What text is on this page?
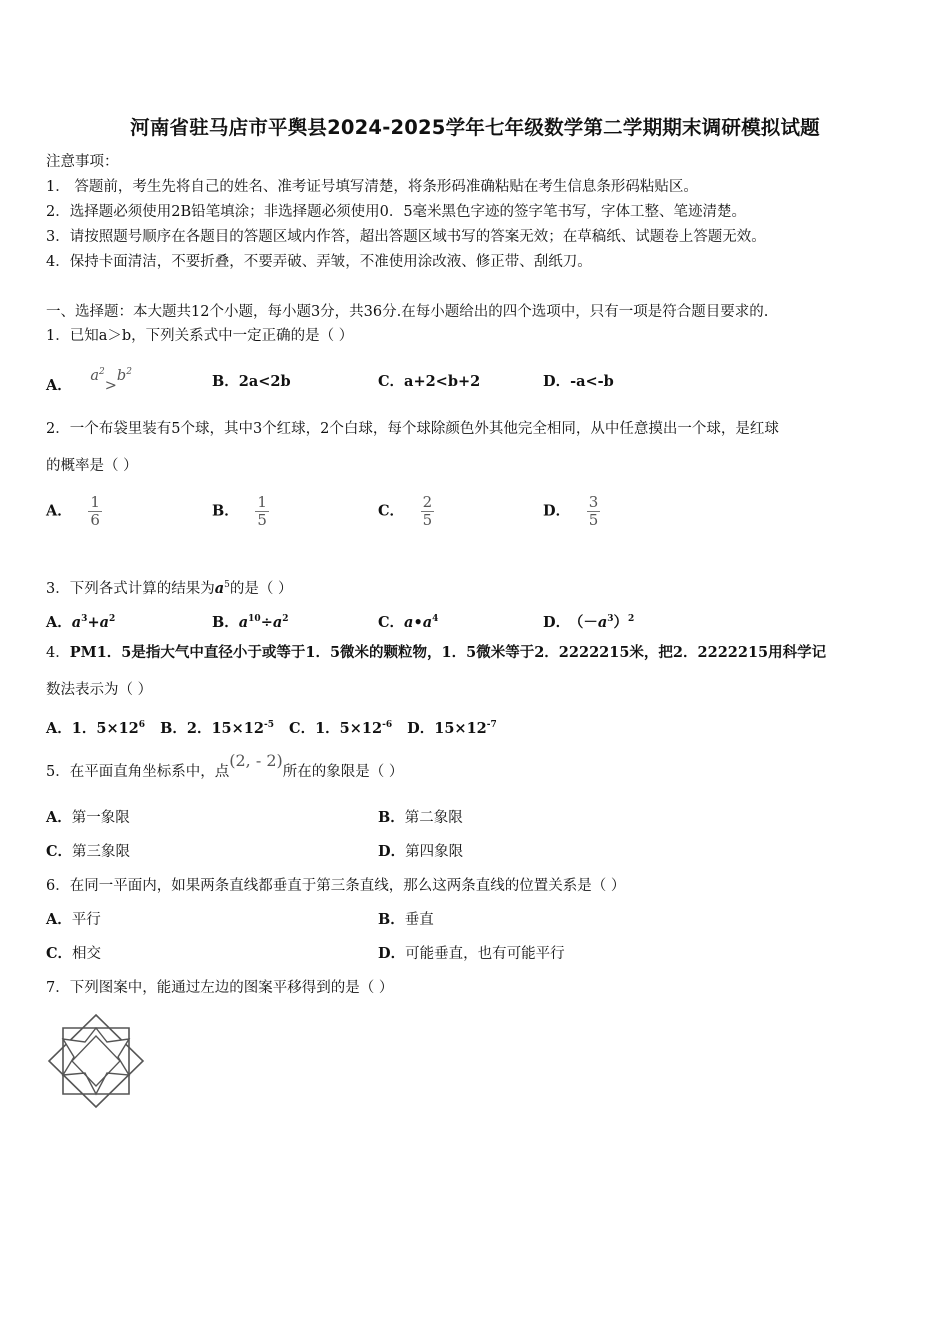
河南省驻马店市平舆县2024-2025学年七年级数学第二学期期末调研模拟试题
注意事项：
1． 答题前，考生先将自己的姓名、准考证号填写清楚，将条形码准确粘贴在考生信息条形码粘贴区。
2．选择题必须使用2B铅笔填涂；非选择题必须使用0．5毫米黑色字迹的签字笔书写，字体工整、笔迹清楚。
3．请按照题号顺序在各题目的答题区域内作答，超出答题区域书写的答案无效；在草稿纸、试题卷上答题无效。
4．保持卡面清洁，不要折叠，不要弄破、弄皱，不准使用涂改液、修正带、刮纸刀。
一、选择题：本大题共12个小题，每小题3分，共36分.在每小题给出的四个选项中，只有一项是符合题目要求的.
1．已知a＞b，下列关系式中一定正确的是（ ）
A． $a^2>b^2$
B．2a<2b	C．a+2<b+2	D．-a<-b
2．一个布袋里装有5个球，其中3个红球，2个白球，每个球除颜色外其他完全相同，从中任意摸出一个球，是红球
的概率是（ ）
A． $\frac{1}{6}$	B． $\frac{1}{5}$	C． $\frac{2}{5}$	D． $\frac{3}{5}$
3．下列各式计算的结果为$a^5$的是（ ）
A．$a^3+a^2$	B．$a^{10}\div a^2$	C．$a•a^4$	D． $(-a^3)^2$
4．PM1．5是指大气中直径小于或等于1．5微米的颗粒物，1．5微米等于2．2222215米，把2．2222215用科学记
数法表示为（ ）
A．1．$5\times 12^6$ B．2．$15\times 12^{-5}$ C．1．$5\times 12^{-6}$ D．$15\times 12^{-7}$
5．在平面直角坐标系中，点(2, - 2)所在的象限是（ ）
A．第一象限	B．第二象限
C．第三象限	D．第四象限
6．在同一平面内，如果两条直线都垂直于第三条直线，那么这两条直线的位置关系是（ ）
A．平行	B．垂直
C．相交	D．可能垂直，也有可能平行
7．下列图案中，能通过左边的图案平移得到的是（ ）
